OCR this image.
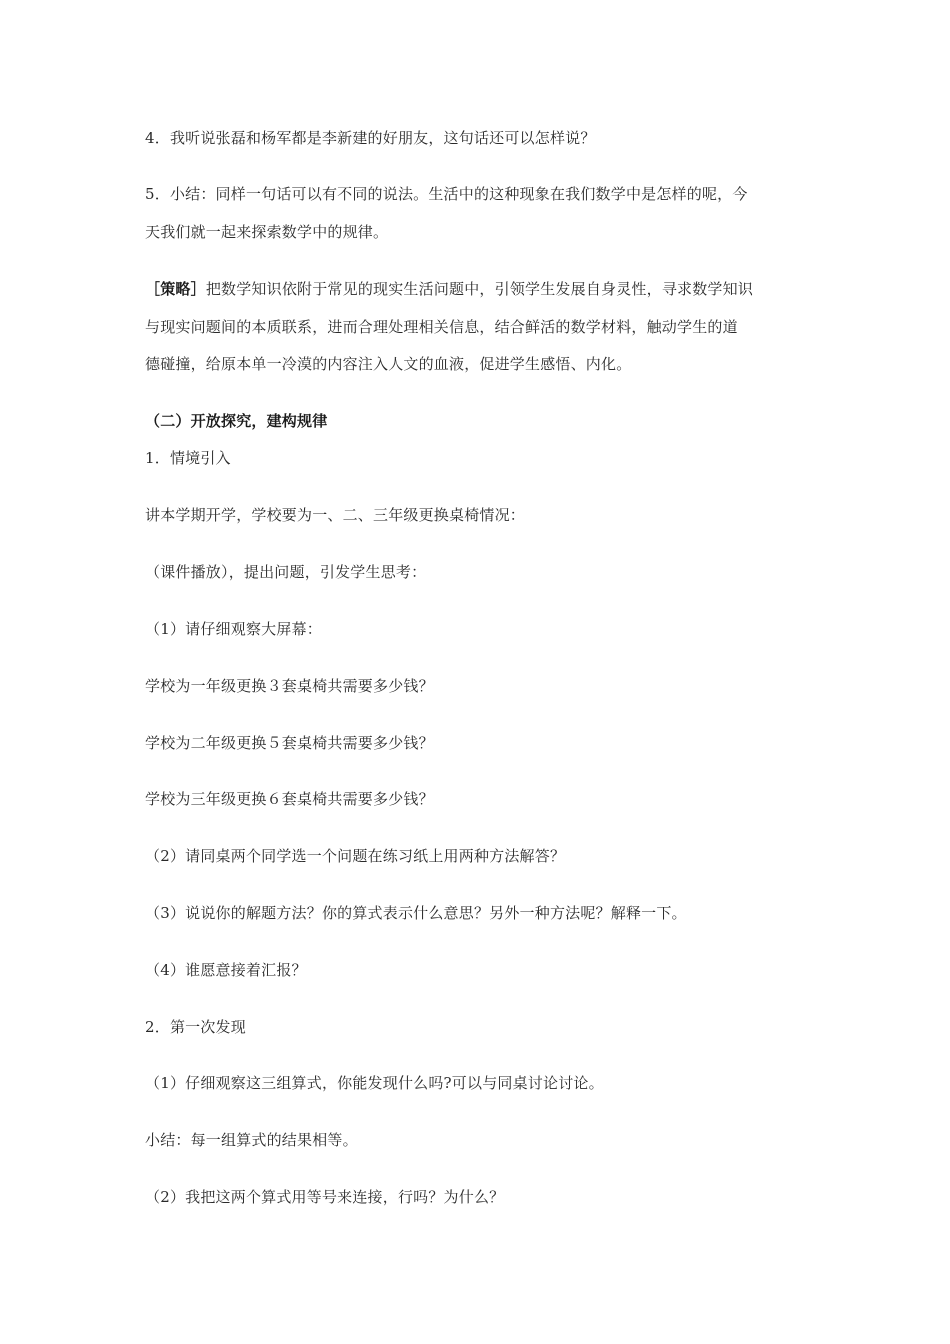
4．我听说张磊和杨军都是李新建的好朋友，这句话还可以怎样说？
5．小结：同样一句话可以有不同的说法。生活中的这种现象在我们数学中是怎样的呢，今
天我们就一起来探索数学中的规律。
［策略］把数学知识依附于常见的现实生活问题中，引领学生发展自身灵性，寻求数学知识
与现实问题间的本质联系，进而合理处理相关信息，结合鲜活的数学材料，触动学生的道
德碰撞，给原本单一冷漠的内容注入人文的血液，促进学生感悟、内化。
（二）开放探究，建构规律
1．情境引入
讲本学期开学，学校要为一、二、三年级更换桌椅情况：
（课件播放），提出问题，引发学生思考：
（1）请仔细观察大屏幕：
学校为一年级更换３套桌椅共需要多少钱？
学校为二年级更换５套桌椅共需要多少钱？
学校为三年级更换６套桌椅共需要多少钱？
（2）请同桌两个同学选一个问题在练习纸上用两种方法解答？
（3）说说你的解题方法？你的算式表示什么意思？另外一种方法呢？解释一下。
（4）谁愿意接着汇报？
2．第一次发现
（1）仔细观察这三组算式，你能发现什么吗?可以与同桌讨论讨论。
小结：每一组算式的结果相等。
（2）我把这两个算式用等号来连接，行吗？为什么？
